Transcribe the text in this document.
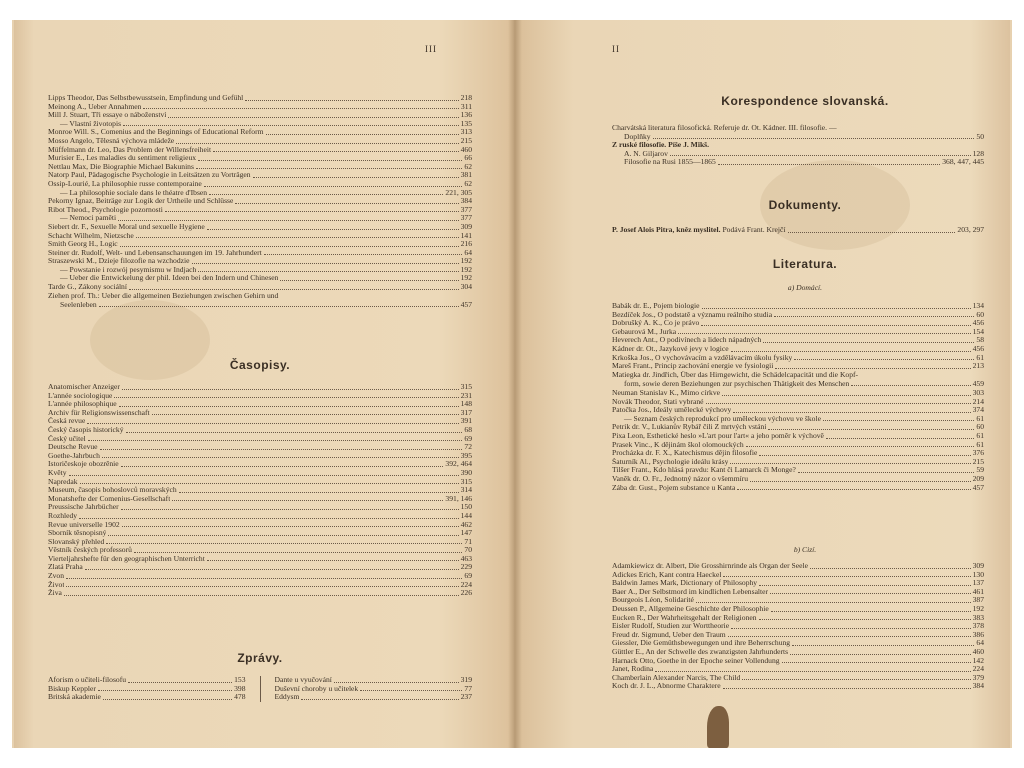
III
Lipps Theodor, Das Selbstbewusstsein, Empfindung und Gefühl	218
Meinong A., Ueber Annahmen	311
Mill J. Stuart, Tři essaye o náboženství	136
— Vlastní životopis	135
Monroe Will. S., Comenius and the Beginnings of Educational Reform	313
Mosso Angelo, Tělesná výchova mládeže	215
Müffelmann dr. Leo, Das Problem der Willensfreiheit	460
Murisier E., Les maladies du sentiment religieux	66
Nettlau Max, Die Biographie Michael Bakunins	62
Natorp Paul, Pädagogische Psychologie in Leitsätzen zu Vorträgen	381
Ossip-Lourié, La philosophie russe contemporaine	62
— La philosophie sociale dans le théatre d'Ibsen	221, 305
Pekorny Ignaz, Beiträge zur Logik der Urtheile und Schlüsse	384
Ribot Theod., Psychologie pozornosti	377
— Nemoci paměti	377
Siebert dr. F., Sexuelle Moral und sexuelle Hygiene	309
Schacht Wilhelm, Nietzsche	141
Smith Georg H., Logic	216
Steiner dr. Rudolf, Welt- und Lebensanschauungen im 19. Jahrhundert	64
Straszewski M., Dzieje filozofie na wzchodzie	192
— Powstanie i rozwój pesymismu w Indjach	192
— Ueber die Entwickelung der phil. Ideen bei den Indern und Chinesen	192
Tarde G., Zákony sociální	304
Ziehen prof. Th.: Ueber die allgemeinen Beziehungen zwischen Gehirn und
Seelenleben	457
Časopisy.
Anatomischer Anzeiger	315
L'année sociologique	231
L'année philosophique	148
Archiv für Religionswissenschaft	317
Česká revue	391
Český časopis historický	68
Český učitel	69
Deutsche Revue	72
Goethe-Jahrbuch	395
Istoričeskoje obozrěnie	392, 464
Květy	390
Napredak	315
Museum, časopis bohoslovců moravských	314
Monatshefte der Comenius-Gesellschaft	391, 146
Preussische Jahrbücher	150
Rozhledy	144
Revue universelle 1902	462
Sborník těsnopisný	147
Slovanský přehled	71
Věstník českých professorů	70
Vierteljahrshefte für den geographischen Unterricht	463
Zlatá Praha	229
Zvon	69
Život	224
Živa	226
Zprávy.
Aforism o učiteli-filosofu	153
Biskup Keppler	398
Britská akademie	478
Dante u vyučování	319
Duševní choroby u učitelek	77
Eddysm	237
II
Korespondence slovanská.
Charvátská literatura filosofická. Referuje dr. Ot. Kádner. III. filosofie. —
Doplňky	50
Z ruské filosofie. Píše J. Mikš.
A. N. Giljarov	128
Filosofie na Rusi 1855—1865	368, 447, 445
Dokumenty.
P. Josef Alois Pitra, kněz myslitel. Podává Frant. Krejčí	203, 297
Literatura.
a) Domácí.
Babák dr. E., Pojem biologie	134
Bezdíček Jos., O podstatě a významu reálního studia	60
Dobrušký A. K., Co je právo	456
Gebaurová M., Jurka	154
Heverech Ant., O podivínech a lidech nápadných	58
Kádner dr. Ot., Jazykové jevy v logice	456
Krkoška Jos., O vychovávacím a vzdělávacím úkolu fysiky	61
Mareš Frant., Princip zachování energie ve fysiologii	213
Matiegka dr. Jindřich, Über das Hirngewicht, die Schädelcapacität und die Kopf-
form, sowie deren Beziehungen zur psychischen Thätigkeit des Menschen	459
Neuman Stanislav K., Mimo církve	303
Novák Theodor, Stati vybrané	214
Patočka Jos., Ideály umělecké výchovy	374
— Seznam českých reprodukcí pro uměleckou výchovu ve škole	61
Petrik dr. V., Lukianův Rybář čili Z mrtvých vstání	60
Pixa Leon, Esthetické heslo »L'art pour l'art« a jeho poměr k výchově	61
Prasek Vinc., K dějinám škol olomouckých	61
Procházka dr. F. X., Katechismus dějin filosofie	376
Šaturník Al., Psychologie ideálu krásy	215
Tilšer Frant., Kdo hlásá pravdu: Kant či Lamarck či Monge?	59
Vaněk dr. O. Fr., Jednotný názor o všemmíru	209
Zába dr. Gust., Pojem substance u Kanta	457
b) Cizí.
Adamkiewicz dr. Albert, Die Grosshirnrinde als Organ der Seele	309
Adickes Erich, Kant contra Haeckel	130
Baldwin James Mark, Dictionary of Philosophy	137
Baer A., Der Selbstmord im kindlichen Lebensalter	461
Bourgeois Léon, Solidarité	387
Deussen P., Allgemeine Geschichte der Philosophie	192
Eucken R., Der Wahrheitsgehalt der Religionen	383
Eisler Rudolf, Studien zur Worttheorie	378
Freud dr. Sigmund, Ueber den Traum	386
Giessler, Die Gemüthsbewegungen und ihre Beherrschung	64
Güttler E., An der Schwelle des zwanzigsten Jahrhunderts	460
Harnack Otto, Goethe in der Epoche seiner Vollendung	142
Janet, Rodina	224
Chamberlain Alexander Narcis, The Child	379
Koch dr. J. L., Abnorme Charaktere	384
